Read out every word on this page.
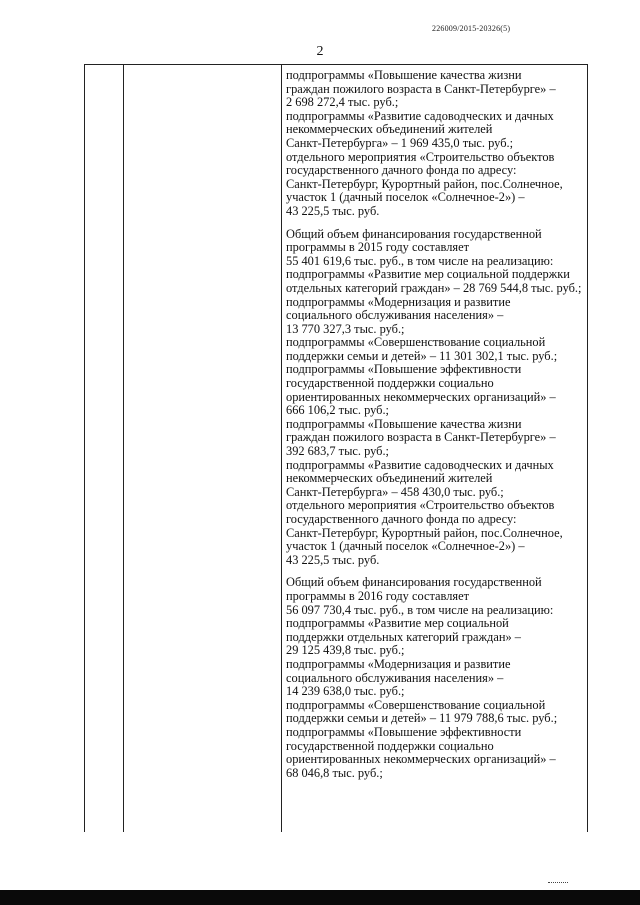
226009/2015-20326(5)
2

подпрограммы «Повышение качества жизни

граждан пожилого возраста в Санкт-Петербурге» –

2 698 272,4 тыс. руб.;

подпрограммы «Развитие садоводческих и дачных

некоммерческих объединений жителей

Санкт-Петербурга» – 1 969 435,0 тыс. руб.;

отдельного мероприятия «Строительство объектов

государственного дачного фонда по адресу:

Санкт-Петербург, Курортный район, пос.Солнечное,

участок 1 (дачный поселок «Солнечное-2») –

43 225,5 тыс. руб.

Общий объем финансирования государственной

программы в 2015 году составляет

55 401 619,6 тыс. руб., в том числе на реализацию:

подпрограммы «Развитие мер социальной поддержки

отдельных категорий граждан» – 28 769 544,8 тыс. руб.;

подпрограммы «Модернизация и развитие

социального обслуживания населения» –

13 770 327,3 тыс. руб.;

подпрограммы «Совершенствование социальной

поддержки семьи и детей» – 11 301 302,1 тыс. руб.;

подпрограммы «Повышение эффективности

государственной поддержки социально

ориентированных некоммерческих организаций» –

666 106,2 тыс. руб.;

подпрограммы «Повышение качества жизни

граждан пожилого возраста в Санкт-Петербурге» –

392 683,7 тыс. руб.;

подпрограммы «Развитие садоводческих и дачных

некоммерческих объединений жителей

Санкт-Петербурга» – 458 430,0 тыс. руб.;

отдельного мероприятия «Строительство объектов

государственного дачного фонда по адресу:

Санкт-Петербург, Курортный район, пос.Солнечное,

участок 1 (дачный поселок «Солнечное-2») –

43 225,5 тыс. руб.

Общий объем финансирования государственной

программы в 2016 году составляет

56 097 730,4 тыс. руб., в том числе на реализацию:

подпрограммы «Развитие мер социальной

поддержки отдельных категорий граждан» –

29 125 439,8 тыс. руб.;

подпрограммы «Модернизация и развитие

социального обслуживания населения» –

14 239 638,0 тыс. руб.;

подпрограммы «Совершенствование социальной

поддержки семьи и детей» – 11 979 788,6 тыс. руб.;

подпрограммы «Повышение эффективности

государственной поддержки социально

ориентированных некоммерческих организаций» –

68 046,8 тыс. руб.;
